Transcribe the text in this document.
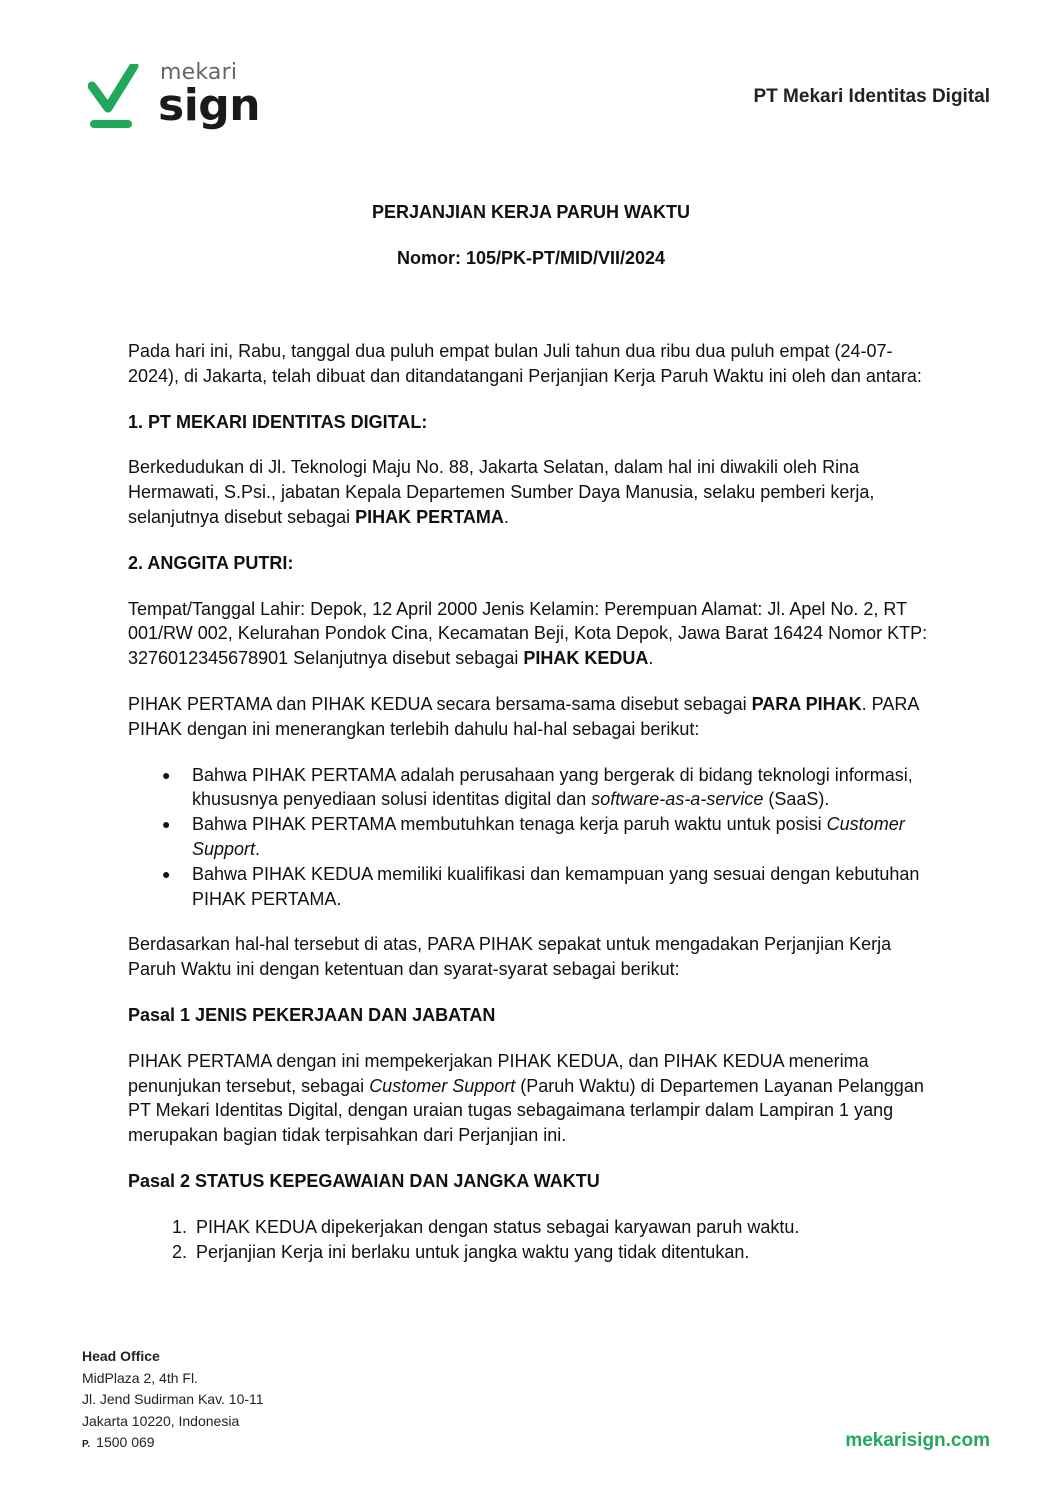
mekari
sign	PT Mekari Identitas Digital
PERJANJIAN KERJA PARUH WAKTU
Nomor: 105/PK-PT/MID/VII/2024

Pada hari ini, Rabu, tanggal dua puluh empat bulan Juli tahun dua ribu dua puluh empat (24-07-2024), di Jakarta, telah dibuat dan ditandatangani Perjanjian Kerja Paruh Waktu ini oleh dan antara:

1. PT MEKARI IDENTITAS DIGITAL:

Berkedudukan di Jl. Teknologi Maju No. 88, Jakarta Selatan, dalam hal ini diwakili oleh Rina Hermawati, S.Psi., jabatan Kepala Departemen Sumber Daya Manusia, selaku pemberi kerja, selanjutnya disebut sebagai PIHAK PERTAMA.

2. ANGGITA PUTRI:

Tempat/Tanggal Lahir: Depok, 12 April 2000 Jenis Kelamin: Perempuan Alamat: Jl. Apel No. 2, RT 001/RW 002, Kelurahan Pondok Cina, Kecamatan Beji, Kota Depok, Jawa Barat 16424 Nomor KTP: 3276012345678901 Selanjutnya disebut sebagai PIHAK KEDUA.

PIHAK PERTAMA dan PIHAK KEDUA secara bersama-sama disebut sebagai PARA PIHAK. PARA PIHAK dengan ini menerangkan terlebih dahulu hal-hal sebagai berikut:

● Bahwa PIHAK PERTAMA adalah perusahaan yang bergerak di bidang teknologi informasi, khususnya penyediaan solusi identitas digital dan software-as-a-service (SaaS).
● Bahwa PIHAK PERTAMA membutuhkan tenaga kerja paruh waktu untuk posisi Customer Support.
● Bahwa PIHAK KEDUA memiliki kualifikasi dan kemampuan yang sesuai dengan kebutuhan PIHAK PERTAMA.

Berdasarkan hal-hal tersebut di atas, PARA PIHAK sepakat untuk mengadakan Perjanjian Kerja Paruh Waktu ini dengan ketentuan dan syarat-syarat sebagai berikut:

Pasal 1 JENIS PEKERJAAN DAN JABATAN

PIHAK PERTAMA dengan ini mempekerjakan PIHAK KEDUA, dan PIHAK KEDUA menerima penunjukan tersebut, sebagai Customer Support (Paruh Waktu) di Departemen Layanan Pelanggan PT Mekari Identitas Digital, dengan uraian tugas sebagaimana terlampir dalam Lampiran 1 yang merupakan bagian tidak terpisahkan dari Perjanjian ini.

Pasal 2 STATUS KEPEGAWAIAN DAN JANGKA WAKTU
1. PIHAK KEDUA dipekerjakan dengan status sebagai karyawan paruh waktu.
2. Perjanjian Kerja ini berlaku untuk jangka waktu yang tidak ditentukan.
Head Office
MidPlaza 2, 4th Fl.
Jl. Jend Sudirman Kav. 10-11
Jakarta 10220, Indonesia
P. 1500 069	mekarisign.com
